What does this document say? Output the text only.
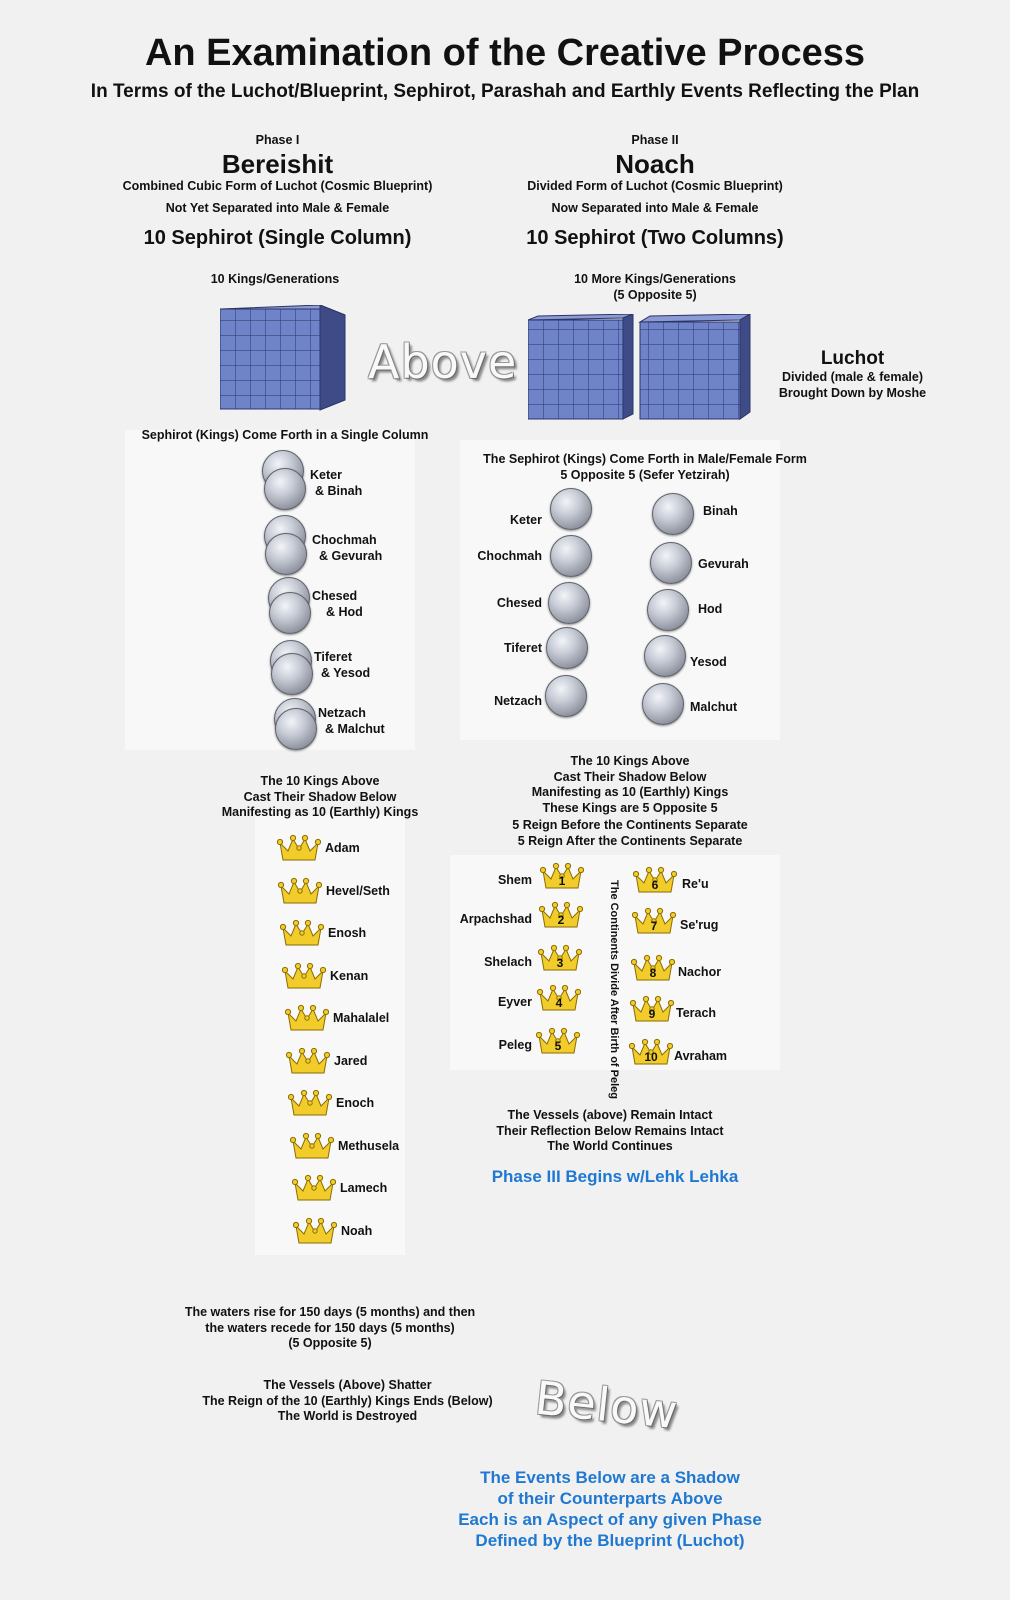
An Examination of the Creative Process
In Terms of the Luchot/Blueprint, Sephirot, Parashah and Earthly Events Reflecting the Plan
Phase I
Bereishit
Combined Cubic Form of Luchot (Cosmic Blueprint)
Not Yet Separated into Male & Female
10 Sephirot (Single Column)
Phase II
Noach
Divided Form of Luchot (Cosmic Blueprint)
Now Separated into Male & Female
10 Sephirot (Two Columns)
10 Kings/Generations	10 More Kings/Generations
(5 Opposite 5)
Above	Luchot
Divided (male & female)
Brought Down by Moshe
Sephirot (Kings) Come Forth in a Single Column
The Sephirot (Kings) Come Forth in Male/Female Form
5 Opposite 5 (Sefer Yetzirah)
Keter
& Binah
Chochmah
& Gevurah
Chesed
& Hod
Tiferet
& Yesod
Netzach
& Malchut
Keter
Chochmah
Chesed
Tiferet
Netzach
Binah
Gevurah
Hod
Yesod
Malchut
The 10 Kings Above
Cast Their Shadow Below
Manifesting as 10 (Earthly) Kings
The 10 Kings Above
Cast Their Shadow Below
Manifesting as 10 (Earthly) Kings
These Kings are 5 Opposite 5
5 Reign Before the Continents Separate
5 Reign After the Continents Separate
Adam
Hevel/Seth
Enosh
Kenan
Mahalalel
Jared
Enoch
Methusela
Lamech
Noah
Shem	1
Arpachshad	2
Shelach	3
Eyver	4
Peleg	5
6	Re'u
7	Se'rug
8	Nachor
9	Terach
10	Avraham
The Continents Divide After Birth of Peleg
The Vessels (above) Remain Intact
Their Reflection Below Remains Intact
The World Continues
Phase III Begins w/Lehk Lehka
The waters rise for 150 days (5 months) and then
the waters recede for 150 days (5 months)
(5 Opposite 5)
The Vessels (Above) Shatter
The Reign of the 10 (Earthly) Kings Ends (Below)
The World is Destroyed	Below
The Events Below are a Shadow
of their Counterparts Above
Each is an Aspect of any given Phase
Defined by the Blueprint (Luchot)
